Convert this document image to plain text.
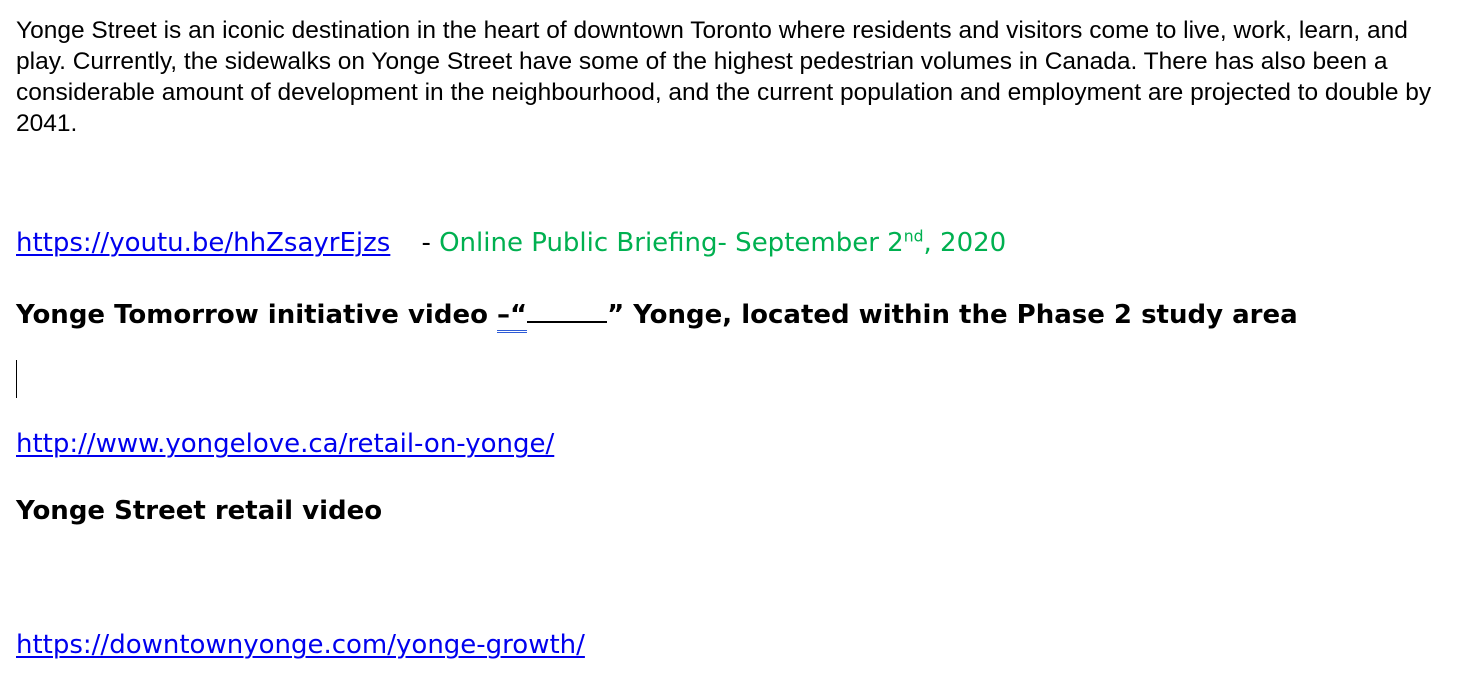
Yonge Street is an iconic destination in the heart of downtown Toronto where residents and visitors come to live, work, learn, and play. Currently, the sidewalks on Yonge Street have some of the highest pedestrian volumes in Canada. There has also been a considerable amount of development in the neighbourhood, and the current population and employment are projected to double by 2041.

https://youtu.be/hhZsayrEjzs - Online Public Briefing- September 2nd, 2020
Yonge Tomorrow initiative video –“	” Yonge, located within the Phase 2 study area
http://www.yongelove.ca/retail-on-yonge/
Yonge Street retail video
https://downtownyonge.com/yonge-growth/
